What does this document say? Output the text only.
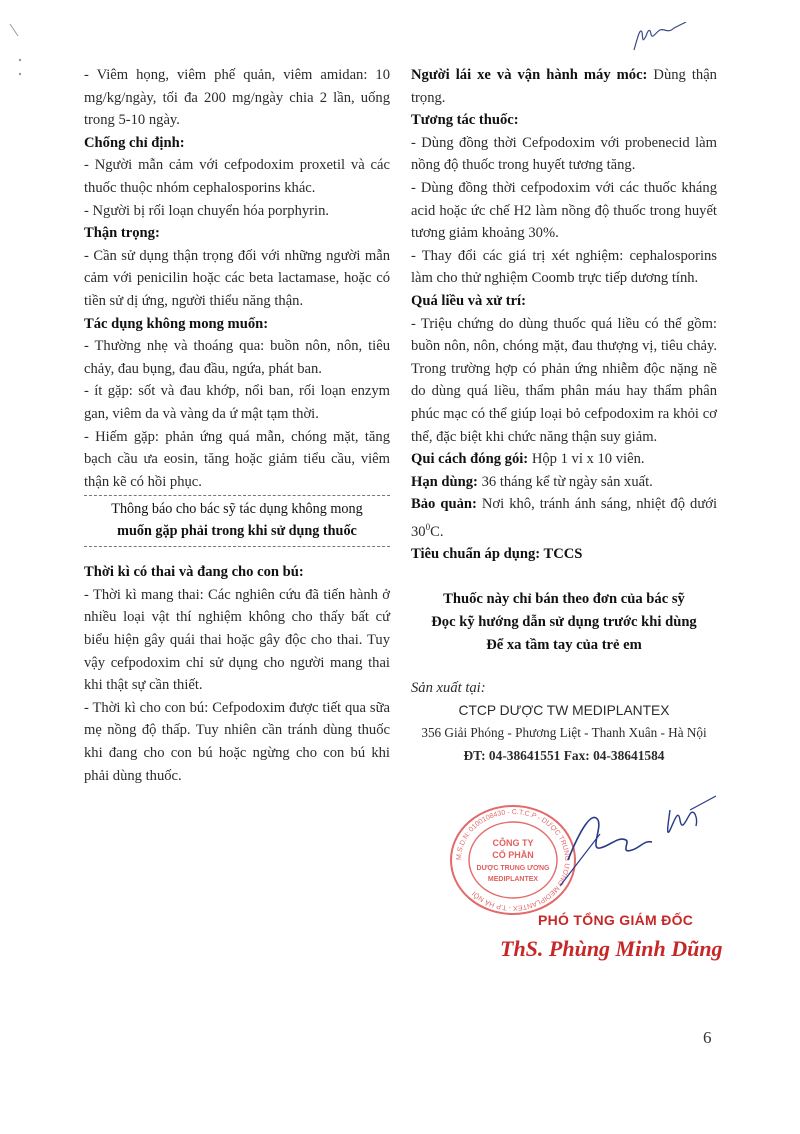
- Viêm họng, viêm phế quản, viêm amidan: 10 mg/kg/ngày, tối đa 200 mg/ngày chia 2 lần, uống trong 5-10 ngày.

Chống chỉ định:

- Người mẫn cảm với cefpodoxim proxetil và các thuốc thuộc nhóm cephalosporins khác.

- Người bị rối loạn chuyển hóa porphyrin.

Thận trọng:

- Cần sử dụng thận trọng đối với những người mẫn cảm với penicilin hoặc các beta lactamase, hoặc có tiền sử dị ứng, người thiểu năng thận.

Tác dụng không mong muốn:

- Thường nhẹ và thoáng qua: buồn nôn, nôn, tiêu chảy, đau bụng, đau đầu, ngứa, phát ban.

- ít gặp: sốt và đau khớp, nổi ban, rối loạn enzym gan, viêm da và vàng da ứ mật tạm thời.

- Hiếm gặp: phản ứng quá mẫn, chóng mặt, tăng bạch cầu ưa eosin, tăng hoặc giảm tiểu cầu, viêm thận kẽ có hồi phục.

Thông báo cho bác sỹ tác dụng không mong
muốn gặp phải trong khi sử dụng thuốc

Thời kì có thai và đang cho con bú:

- Thời kì mang thai: Các nghiên cứu đã tiến hành ở nhiều loại vật thí nghiệm không cho thấy bất cứ biểu hiện gây quái thai hoặc gây độc cho thai. Tuy vậy cefpodoxim chỉ sử dụng cho người mang thai khi thật sự cần thiết.

- Thời kì cho con bú: Cefpodoxim được tiết qua sữa mẹ nồng độ thấp. Tuy nhiên cần tránh dùng thuốc khi đang cho con bú hoặc ngừng cho con bú khi phải dùng thuốc.

Người lái xe và vận hành máy móc: Dùng thận trọng.

Tương tác thuốc:

- Dùng đồng thời Cefpodoxim với probenecid làm nồng độ thuốc trong huyết tương tăng.

- Dùng đồng thời cefpodoxim với các thuốc kháng acid hoặc ức chế H2 làm nồng độ thuốc trong huyết tương giảm khoảng 30%.

- Thay đổi các giá trị xét nghiệm: cephalosporins làm cho thử nghiệm Coomb trực tiếp dương tính.

Quá liều và xử trí:

- Triệu chứng do dùng thuốc quá liều có thể gồm: buồn nôn, nôn, chóng mặt, đau thượng vị, tiêu chảy. Trong trường hợp có phản ứng nhiễm độc nặng nề do dùng quá liều, thẩm phân máu hay thẩm phân phúc mạc có thể giúp loại bỏ cefpodoxim ra khỏi cơ thể, đặc biệt khi chức năng thận suy giảm.

Qui cách đóng gói: Hộp 1 vỉ x 10 viên.

Hạn dùng: 36 tháng kể từ ngày sản xuất.

Bảo quản: Nơi khô, tránh ánh sáng, nhiệt độ dưới $30^0C$.

Tiêu chuẩn áp dụng: TCCS

Thuốc này chỉ bán theo đơn của bác sỹ
Đọc kỹ hướng dẫn sử dụng trước khi dùng
Để xa tầm tay của trẻ em

Sản xuất tại:

CTCP DƯỢC TW MEDIPLANTEX
356 Giải Phóng - Phương Liệt - Thanh Xuân - Hà Nội
ĐT: 04-38641551 Fax: 04-38641584
M.S.D.N: 0100108430 - C.T.C.P - DƯỢC TRUNG ƯƠNG MEDIPLANTEX - T.P HÀ NỘI
CÔNG TY
CỔ PHẦN
DƯỢC TRUNG ƯƠNG
MEDIPLANTEX
PHÓ TỔNG GIÁM ĐỐC
ThS. Phùng Minh Dũng
6
